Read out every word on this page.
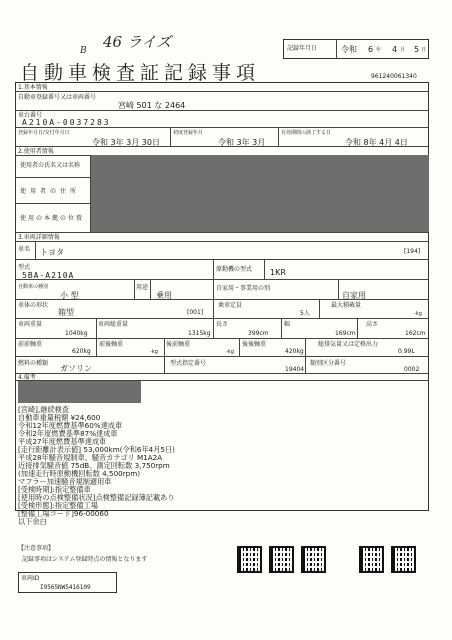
46 ライズ
B	記録年月日	令和 6 年 4 月 5 日
自動車検査証記録事項	961240061340
1.基本情報
自動車登録番号又は車両番号
宮崎 501 な 2464
車台番号
A210A-0037283
登録年月日/交付年月日
令和 3年 3月 30日
初度登録年月
令和 3年 3月
有効期間の満了する日
令和 8年 4月 4日
2.使用者情報
使用者の氏名又は名称
使用者の住所
使用の本拠の位置
3.車両詳細情報
車名 トヨタ	[194]
型式
5BA-A210A
原動機の型式 1KR
自動車の種別
小 型
用途
乗用
自家用・事業用の別
自家用
車体の形状
箱型	[001]
乗車定員
5人
最大積載量
-kg
車両重量
1040kg
車両総重量
1315kg
長さ
399cm
幅
169cm
高さ
162cm
前前軸重
620kg
前後軸重
-kg
後前軸重
-kg
後後軸重
420kg
総排気量又は定格出力
0.99L
燃料の種類
ガソリン
型式指定番号
19404
類別区分番号
0002
4.備考
[宮崎],継続検査
自動車重量税額 ¥24,600
令和12年度燃費基準60%達成車
令和2年度燃費基準87%達成車
平成27年度燃費基準達成車
[走行距離計表示値] 53,000km(令和6年4月5日)
平成28年騒音規制車、騒音カテゴリ M1A2A
近接排気騒音値 75dB、測定回転数 3,750rpm
(加速走行時原動機回転数 4,500rpm)
マフラー加速騒音規制適用車
[受検時期]:指定整備車
[使用時の点検整備状況]点検整備記録簿記載あり
[受検形態]:指定整備工場
[整備工場コード]96-00060
以下余白
【注意事項】
記録事項はシステム登録時点の情報となります
車両ID
I9565NW5416109
